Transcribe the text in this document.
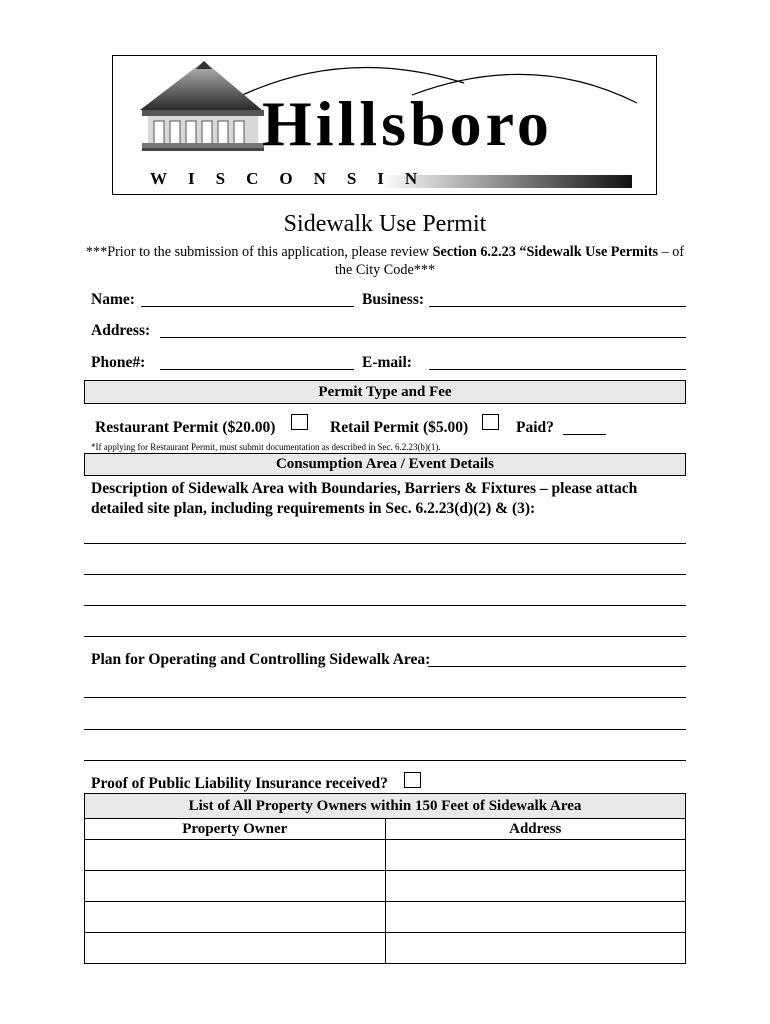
Hillsboro
WISCONSIN
Sidewalk Use Permit
***Prior to the submission of this application, please review Section 6.2.23 “Sidewalk Use Permits – of
the City Code***
Name:	Business:
Address:
Phone#:	E-mail:
Permit Type and Fee
Restaurant Permit ($20.00)	Retail Permit ($5.00)	Paid?
*If applying for Restaurant Permit, must submit documentation as described in Sec. 6.2.23(b)(1).
Consumption Area / Event Details
Description of Sidewalk Area with Boundaries, Barriers & Fixtures – please attach
detailed site plan, including requirements in Sec. 6.2.23(d)(2) & (3):
Plan for Operating and Controlling Sidewalk Area:
Proof of Public Liability Insurance received?
List of All Property Owners within 150 Feet of Sidewalk Area
Property Owner	Address
